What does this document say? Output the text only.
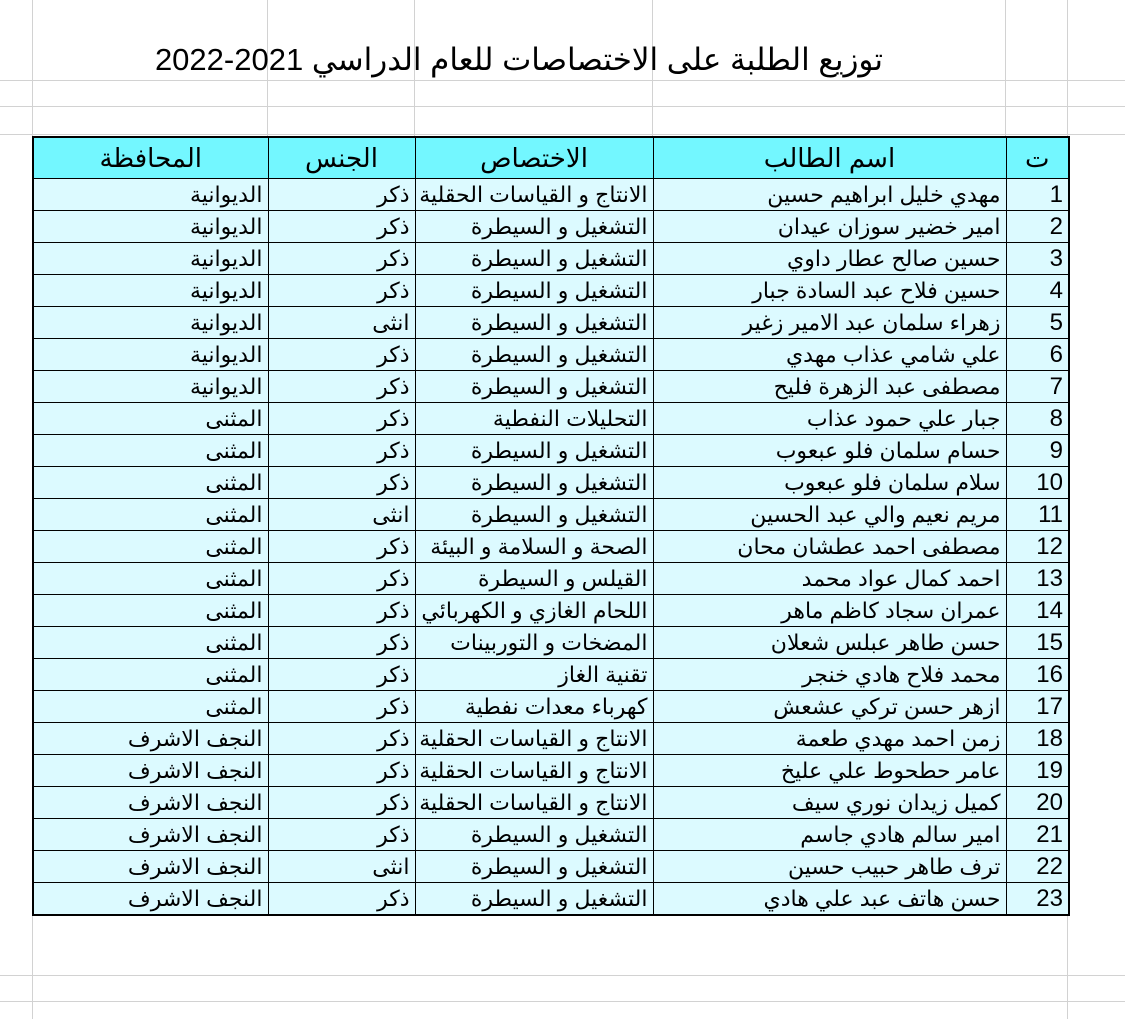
توزيع الطلبة على الاختصاصات للعام الدراسي 2021-2022
المحافظة	الجنس	الاختصاص	اسم الطالب	ت
الديوانية	ذكر	الانتاج و القياسات الحقلية	مهدي خليل ابراهيم حسين	1
الديوانية	ذكر	التشغيل و السيطرة	امير خضير سوزان عيدان	2
الديوانية	ذكر	التشغيل و السيطرة	حسين صالح عطار داوي	3
الديوانية	ذكر	التشغيل و السيطرة	حسين فلاح عبد السادة جبار	4
الديوانية	انثى	التشغيل و السيطرة	زهراء سلمان عبد الامير زغير	5
الديوانية	ذكر	التشغيل و السيطرة	علي شامي عذاب مهدي	6
الديوانية	ذكر	التشغيل و السيطرة	مصطفى عبد الزهرة فليح	7
المثنى	ذكر	التحليلات النفطية	جبار علي حمود عذاب	8
المثنى	ذكر	التشغيل و السيطرة	حسام سلمان فلو عبعوب	9
المثنى	ذكر	التشغيل و السيطرة	سلام سلمان فلو عبعوب	10
المثنى	انثى	التشغيل و السيطرة	مريم نعيم والي عبد الحسين	11
المثنى	ذكر	الصحة و السلامة و البيئة	مصطفى احمد عطشان محان	12
المثنى	ذكر	القيلس و السيطرة	احمد كمال عواد محمد	13
المثنى	ذكر	اللحام الغازي و الكهربائي	عمران سجاد كاظم ماهر	14
المثنى	ذكر	المضخات و التوربينات	حسن طاهر عبلس شعلان	15
المثنى	ذكر	تقنية الغاز	محمد فلاح هادي خنجر	16
المثنى	ذكر	كهرباء معدات نفطية	ازهر حسن تركي عشعش	17
النجف الاشرف	ذكر	الانتاج و القياسات الحقلية	زمن احمد مهدي طعمة	18
النجف الاشرف	ذكر	الانتاج و القياسات الحقلية	عامر حطحوط علي عليخ	19
النجف الاشرف	ذكر	الانتاج و القياسات الحقلية	كميل زيدان نوري سيف	20
النجف الاشرف	ذكر	التشغيل و السيطرة	امير سالم هادي جاسم	21
النجف الاشرف	انثى	التشغيل و السيطرة	ترف طاهر حبيب حسين	22
النجف الاشرف	ذكر	التشغيل و السيطرة	حسن هاتف عبد علي هادي	23
